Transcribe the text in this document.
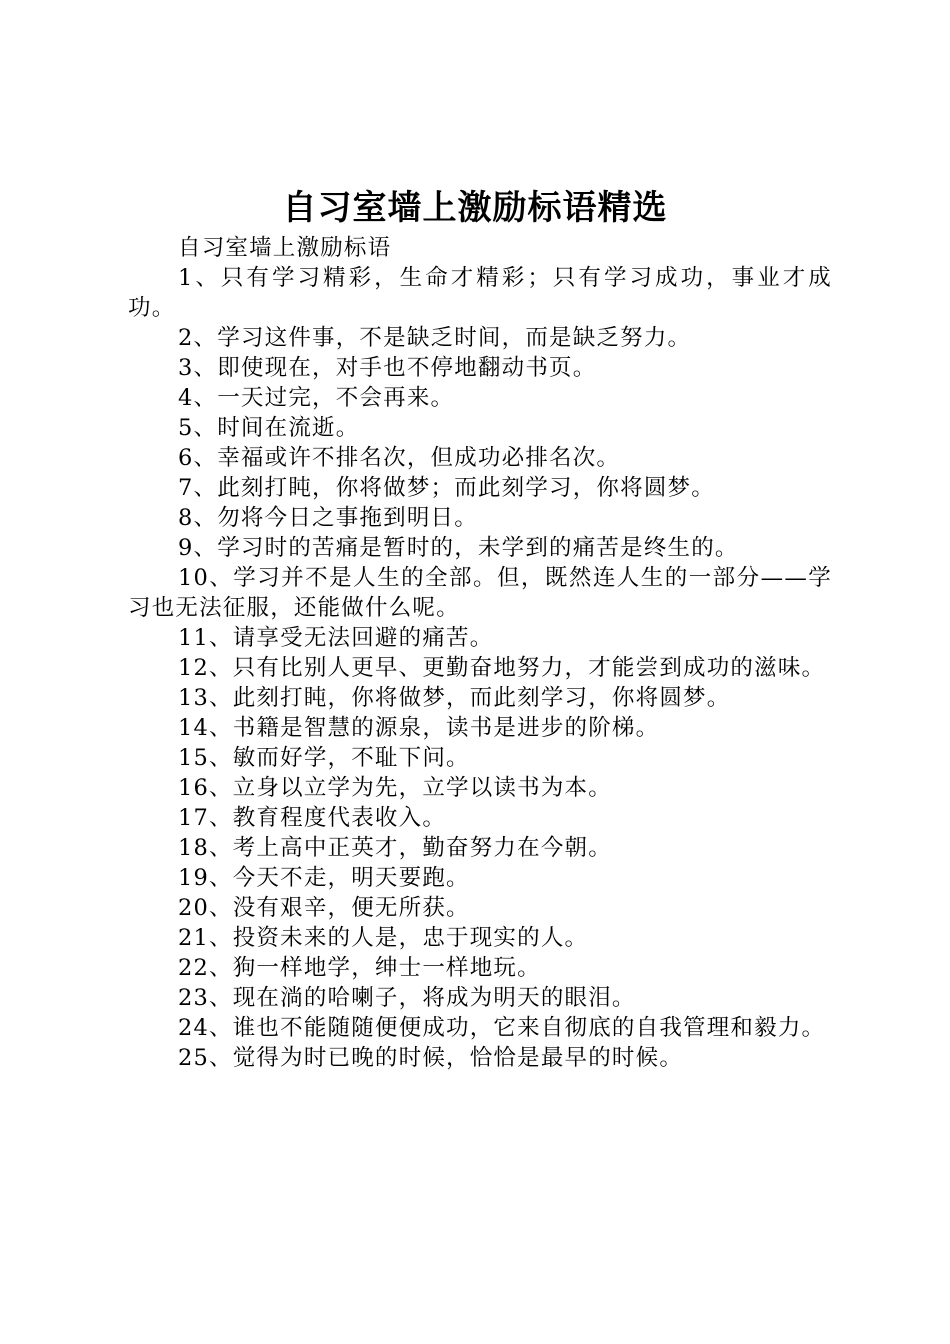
自习室墙上激励标语精选

自习室墙上激励标语

1、只有学习精彩，生命才精彩；只有学习成功，事业才成功。

2、学习这件事，不是缺乏时间，而是缺乏努力。

3、即使现在，对手也不停地翻动书页。

4、一天过完，不会再来。

5、时间在流逝。

6、幸福或许不排名次，但成功必排名次。

7、此刻打盹，你将做梦；而此刻学习，你将圆梦。

8、勿将今日之事拖到明日。

9、学习时的苦痛是暂时的，未学到的痛苦是终生的。

10、学习并不是人生的全部。但，既然连人生的一部分——学习也无法征服，还能做什么呢。

11、请享受无法回避的痛苦。

12、只有比别人更早、更勤奋地努力，才能尝到成功的滋味。

13、此刻打盹，你将做梦，而此刻学习，你将圆梦。

14、书籍是智慧的源泉，读书是进步的阶梯。

15、敏而好学，不耻下问。

16、立身以立学为先，立学以读书为本。

17、教育程度代表收入。

18、考上高中正英才，勤奋努力在今朝。

19、今天不走，明天要跑。

20、没有艰辛，便无所获。

21、投资未来的人是，忠于现实的人。

22、狗一样地学，绅士一样地玩。

23、现在淌的哈喇子，将成为明天的眼泪。

24、谁也不能随随便便成功，它来自彻底的自我管理和毅力。

25、觉得为时已晚的时候，恰恰是最早的时候。
